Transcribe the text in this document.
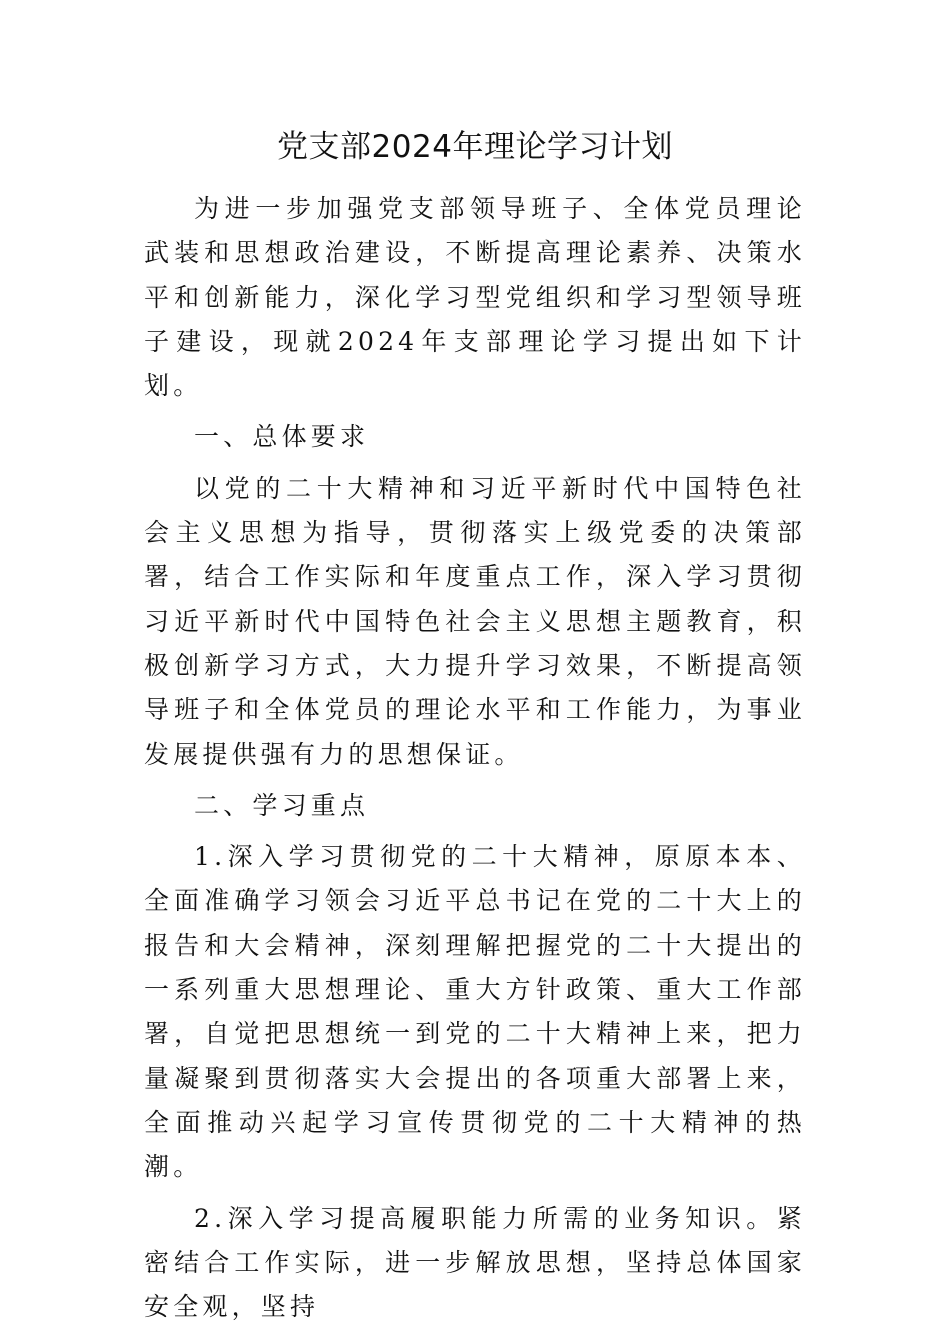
党支部2024年理论学习计划

为进一步加强党支部领导班子、全体党员理论武装和思想政治建设，不断提高理论素养、决策水平和创新能力，深化学习型党组织和学习型领导班子建设，现就2024年支部理论学习提出如下计划。

一、总体要求

以党的二十大精神和习近平新时代中国特色社会主义思想为指导，贯彻落实上级党委的决策部署，结合工作实际和年度重点工作，深入学习贯彻习近平新时代中国特色社会主义思想主题教育，积极创新学习方式，大力提升学习效果，不断提高领导班子和全体党员的理论水平和工作能力，为事业发展提供强有力的思想保证。

二、学习重点

1.深入学习贯彻党的二十大精神，原原本本、全面准确学习领会习近平总书记在党的二十大上的报告和大会精神，深刻理解把握党的二十大提出的一系列重大思想理论、重大方针政策、重大工作部署，自觉把思想统一到党的二十大精神上来，把力量凝聚到贯彻落实大会提出的各项重大部署上来，全面推动兴起学习宣传贯彻党的二十大精神的热潮。

2.深入学习提高履职能力所需的业务知识。紧密结合工作实际，进一步解放思想，坚持总体国家安全观，坚持
